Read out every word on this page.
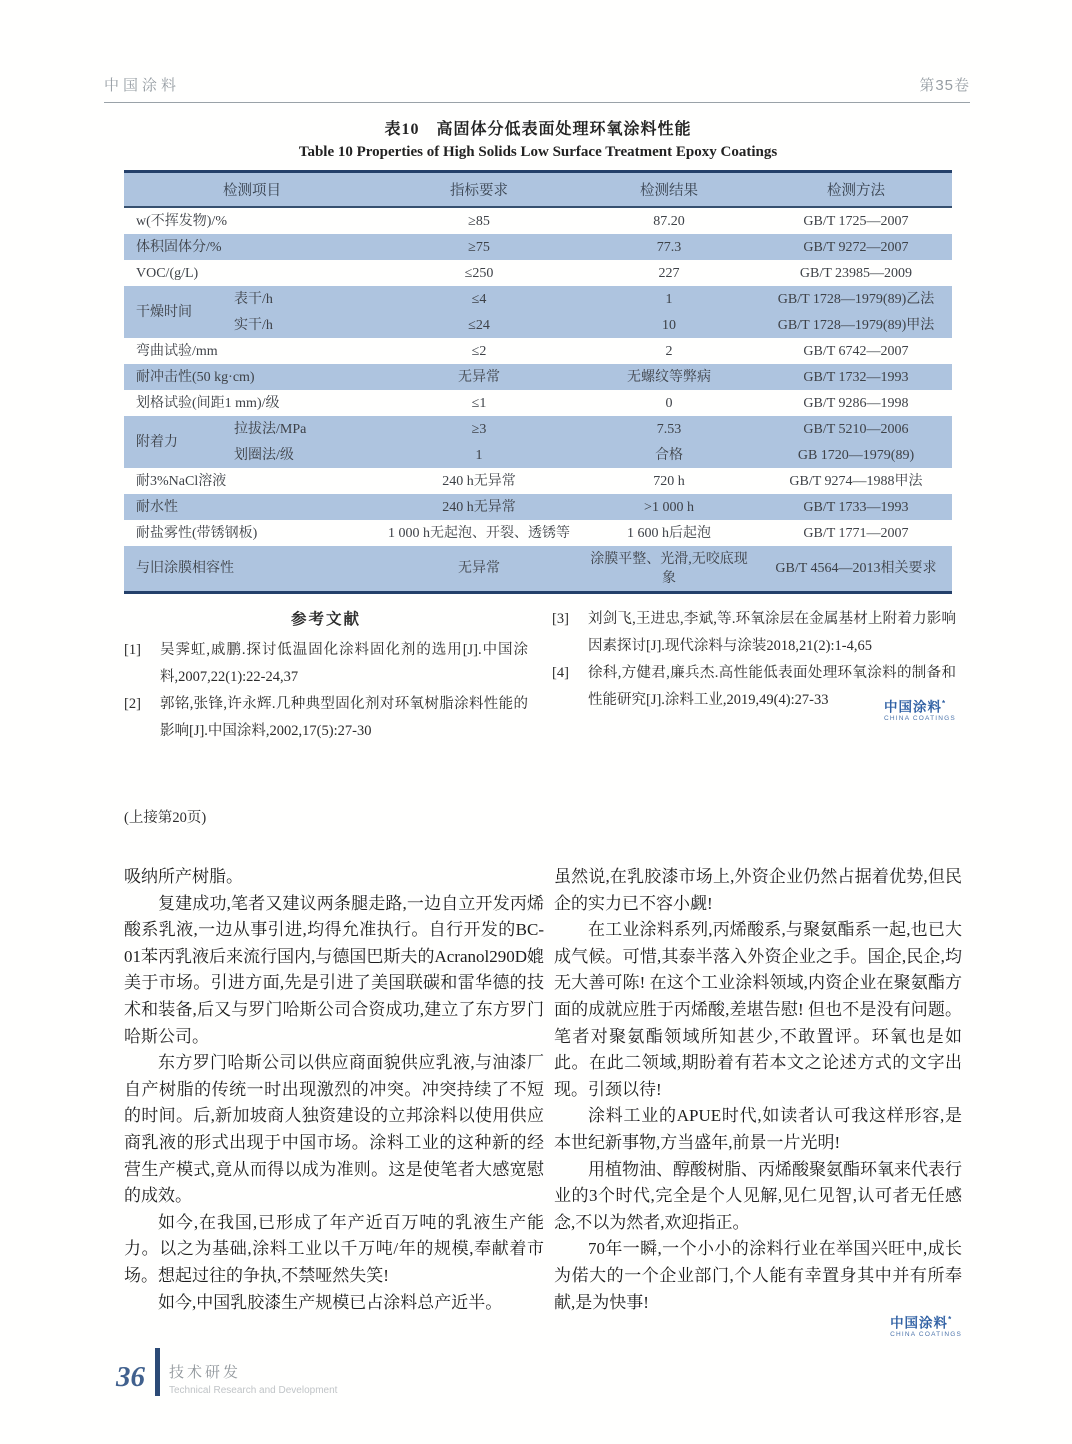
中国涂料	第35卷
表10　高固体分低表面处理环氧涂料性能
Table 10 Properties of High Solids Low Surface Treatment Epoxy Coatings
检测项目		指标要求	检测结果	检测方法
w(不挥发物)/%		≥85	87.20	GB/T 1725—2007
体积固体分/%		≥75	77.3	GB/T 9272—2007
VOC/(g/L)		≤250	227	GB/T 23985—2009
干燥时间	表干/h	≤4	1	GB/T 1728—1979(89)乙法
	实干/h	≤24	10	GB/T 1728—1979(89)甲法
弯曲试验/mm		≤2	2	GB/T 6742—2007
耐冲击性(50 kg·cm)		无异常	无螺纹等弊病	GB/T 1732—1993
划格试验(间距1 mm)/级		≤1	0	GB/T 9286—1998
附着力	拉拔法/MPa	≥3	7.53	GB/T 5210—2006
	划圈法/级	1	合格	GB 1720—1979(89)
耐3%NaCl溶液		240 h无异常	720 h	GB/T 9274—1988甲法
耐水性		240 h无异常	>1 000 h	GB/T 1733—1993
耐盐雾性(带锈钢板)		1 000 h无起泡、开裂、透锈等	1 600 h后起泡	GB/T 1771—2007
与旧涂膜相容性		无异常	涂膜平整、光滑,无咬底现象	GB/T 4564—2013相关要求
参考文献
[1]	吴霁虹,戚鹏.探讨低温固化涂料固化剂的选用[J].中国涂料,2007,22(1):22-24,37
[2]	郭铭,张锋,许永辉.几种典型固化剂对环氧树脂涂料性能的影响[J].中国涂料,2002,17(5):27-30
[3]	刘剑飞,王进忠,李斌,等.环氧涂层在金属基材上附着力影响因素探讨[J].现代涂料与涂装2018,21(2):1-4,65
[4]	徐科,方健君,廉兵杰.高性能低表面处理环氧涂料的制备和性能研究[J].涂料工业,2019,49(4):27-33	中国涂料*
CHINA COATINGS
(上接第20页)

吸纳所产树脂。

复建成功,笔者又建议两条腿走路,一边自立开发丙烯酸系乳液,一边从事引进,均得允准执行。自行开发的BC-01苯丙乳液后来流行国内,与德国巴斯夫的Acranol290D媲美于市场。引进方面,先是引进了美国联碳和雷华德的技术和装备,后又与罗门哈斯公司合资成功,建立了东方罗门哈斯公司。

东方罗门哈斯公司以供应商面貌供应乳液,与油漆厂自产树脂的传统一时出现激烈的冲突。冲突持续了不短的时间。后,新加坡商人独资建设的立邦涂料以使用供应商乳液的形式出现于中国市场。涂料工业的这种新的经营生产模式,竟从而得以成为准则。这是使笔者大感宽慰的成效。

如今,在我国,已形成了年产近百万吨的乳液生产能力。以之为基础,涂料工业以千万吨/年的规模,奉献着市场。想起过往的争执,不禁哑然失笑!

如今,中国乳胶漆生产规模已占涂料总产近半。

虽然说,在乳胶漆市场上,外资企业仍然占据着优势,但民企的实力已不容小觑!

在工业涂料系列,丙烯酸系,与聚氨酯系一起,也已大成气候。可惜,其泰半落入外资企业之手。国企,民企,均无大善可陈! 在这个工业涂料领域,内资企业在聚氨酯方面的成就应胜于丙烯酸,差堪告慰! 但也不是没有问题。笔者对聚氨酯领域所知甚少,不敢置评。环氧也是如此。在此二领域,期盼着有若本文之论述方式的文字出现。引颈以待!

涂料工业的APUE时代,如读者认可我这样形容,是本世纪新事物,方当盛年,前景一片光明!

用植物油、醇酸树脂、丙烯酸聚氨酯环氧来代表行业的3个时代,完全是个人见解,见仁见智,认可者无任感念,不以为然者,欢迎指正。

70年一瞬,一个小小的涂料行业在举国兴旺中,成长为偌大的一个企业部门,个人能有幸置身其中并有所奉献,是为快事!

中国涂料*
CHINA COATINGS
36	技术研发
Technical Research and Development
